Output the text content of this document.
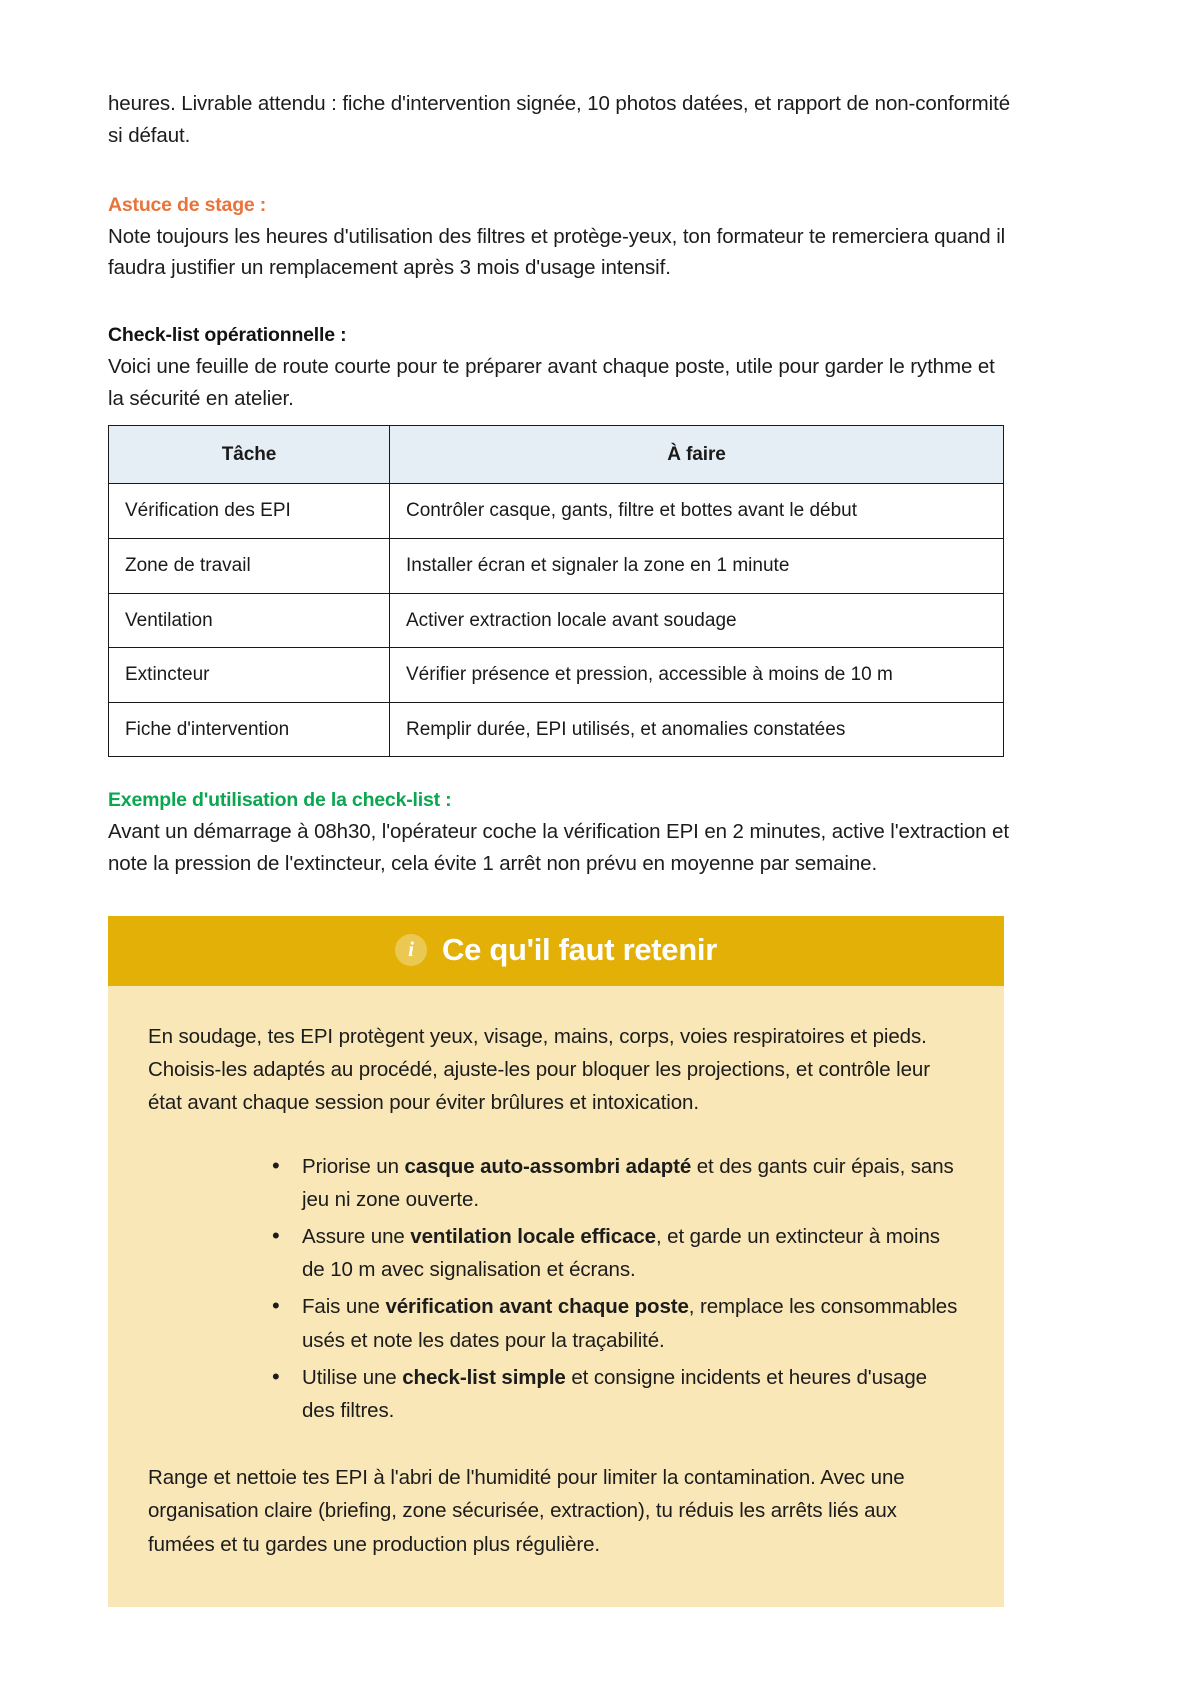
heures. Livrable attendu : fiche d'intervention signée, 10 photos datées, et rapport de non-conformité si défaut.

Astuce de stage :

Note toujours les heures d'utilisation des filtres et protège-yeux, ton formateur te remerciera quand il faudra justifier un remplacement après 3 mois d'usage intensif.

Check-list opérationnelle :

Voici une feuille de route courte pour te préparer avant chaque poste, utile pour garder le rythme et la sécurité en atelier.

Tâche	À faire
Vérification des EPI	Contrôler casque, gants, filtre et bottes avant le début
Zone de travail	Installer écran et signaler la zone en 1 minute
Ventilation	Activer extraction locale avant soudage
Extincteur	Vérifier présence et pression, accessible à moins de 10 m
Fiche d'intervention	Remplir durée, EPI utilisés, et anomalies constatées
Exemple d'utilisation de la check-list :

Avant un démarrage à 08h30, l'opérateur coche la vérification EPI en 2 minutes, active l'extraction et note la pression de l'extincteur, cela évite 1 arrêt non prévu en moyenne par semaine.

i Ce qu'il faut retenir

En soudage, tes EPI protègent yeux, visage, mains, corps, voies respiratoires et pieds. Choisis-les adaptés au procédé, ajuste-les pour bloquer les projections, et contrôle leur état avant chaque session pour éviter brûlures et intoxication.

• Priorise un casque auto-assombri adapté et des gants cuir épais, sans jeu ni zone ouverte.
• Assure une ventilation locale efficace, et garde un extincteur à moins de 10 m avec signalisation et écrans.
• Fais une vérification avant chaque poste, remplace les consommables usés et note les dates pour la traçabilité.
• Utilise une check-list simple et consigne incidents et heures d'usage des filtres.

Range et nettoie tes EPI à l'abri de l'humidité pour limiter la contamination. Avec une organisation claire (briefing, zone sécurisée, extraction), tu réduis les arrêts liés aux fumées et tu gardes une production plus régulière.
